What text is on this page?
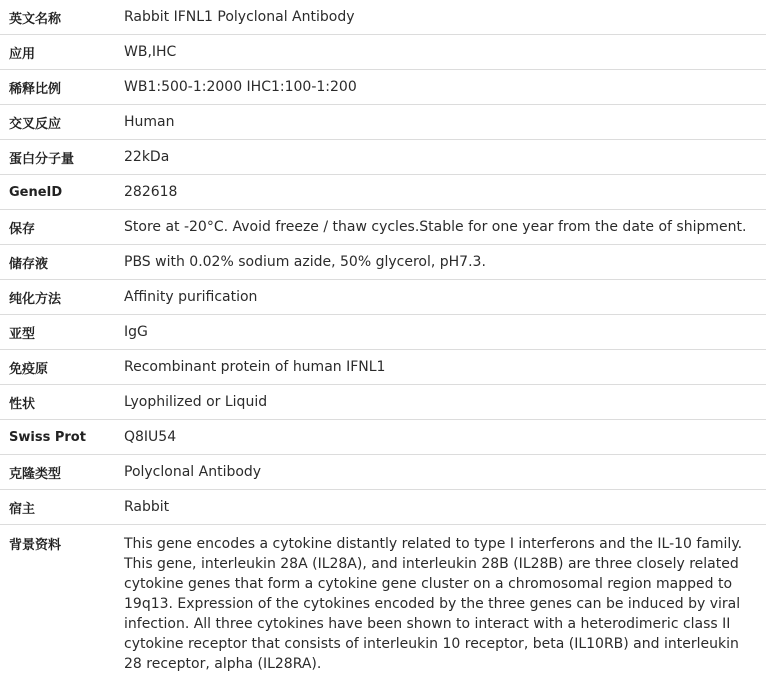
英文名称	Rabbit IFNL1 Polyclonal Antibody
应用	WB,IHC
稀释比例	WB1:500-1:2000 IHC1:100-1:200
交叉反应	Human
蛋白分子量	22kDa
GeneID	282618
保存	Store at -20°C. Avoid freeze / thaw cycles.Stable for one year from the date of shipment.
储存液	PBS with 0.02% sodium azide, 50% glycerol, pH7.3.
纯化方法	Affinity purification
亚型	IgG
免疫原	Recombinant protein of human IFNL1
性状	Lyophilized or Liquid
Swiss Prot	Q8IU54
克隆类型	Polyclonal Antibody
宿主	Rabbit
背景资料	This gene encodes a cytokine distantly related to type I interferons and the IL-10 family. This gene, interleukin 28A (IL28A), and interleukin 28B (IL28B) are three closely related cytokine genes that form a cytokine gene cluster on a chromosomal region mapped to 19q13. Expression of the cytokines encoded by the three genes can be induced by viral infection. All three cytokines have been shown to interact with a heterodimeric class II cytokine receptor that consists of interleukin 10 receptor, beta (IL10RB) and interleukin 28 receptor, alpha (IL28RA).
